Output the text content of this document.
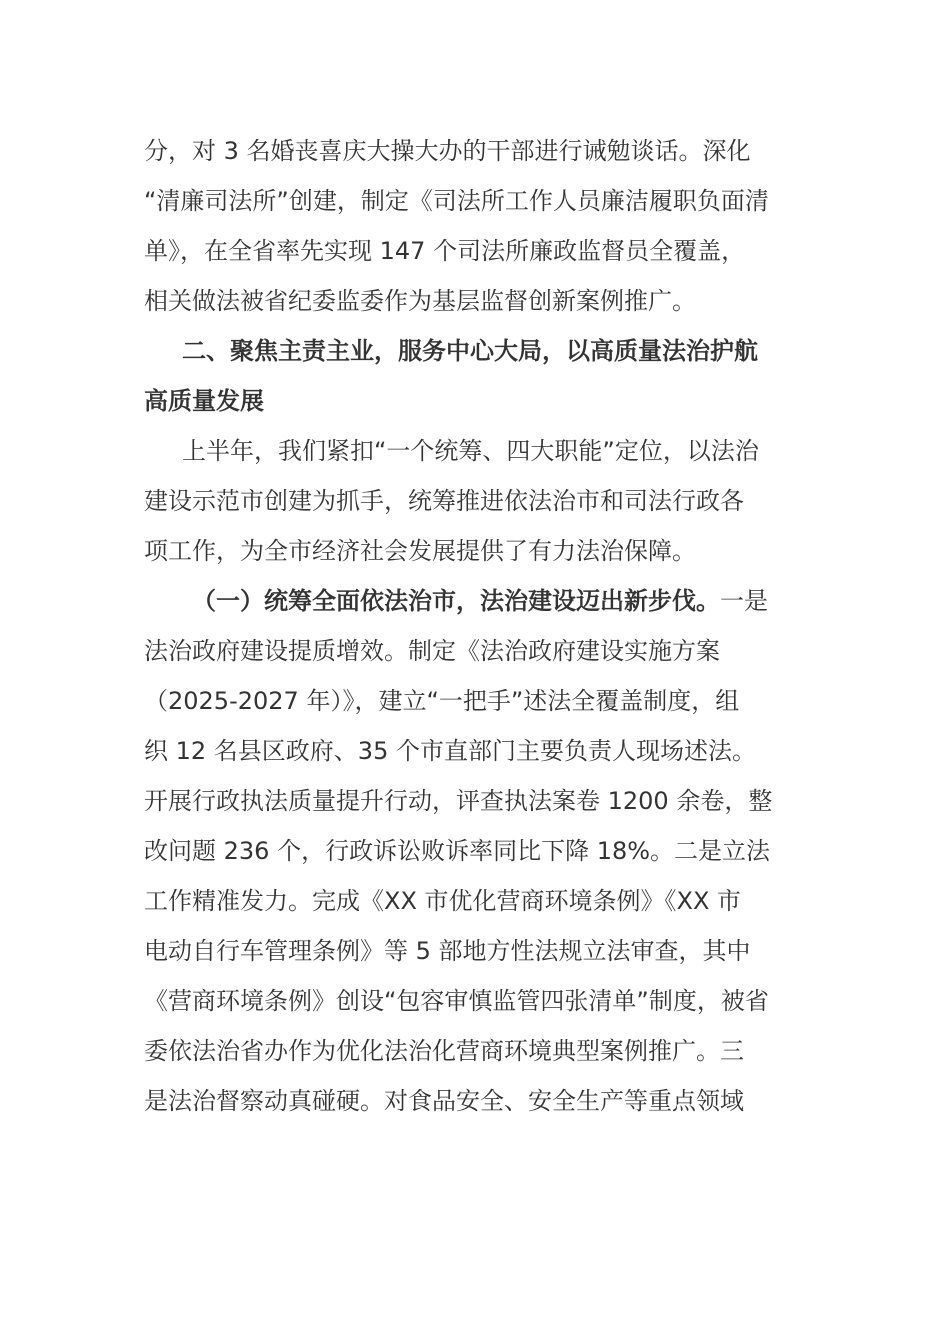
分，对 3 名婚丧喜庆大操大办的干部进行诫勉谈话。深化
“清廉司法所”创建，制定《司法所工作人员廉洁履职负面清
单》，在全省率先实现 147 个司法所廉政监督员全覆盖，
相关做法被省纪委监委作为基层监督创新案例推广。
二、聚焦主责主业，服务中心大局，以高质量法治护航
高质量发展
上半年，我们紧扣“一个统筹、四大职能”定位，以法治
建设示范市创建为抓手，统筹推进依法治市和司法行政各
项工作，为全市经济社会发展提供了有力法治保障。
（一）统筹全面依法治市，法治建设迈出新步伐。一是
法治政府建设提质增效。制定《法治政府建设实施方案
（2025-2027 年）》，建立“一把手”述法全覆盖制度，组
织 12 名县区政府、35 个市直部门主要负责人现场述法。
开展行政执法质量提升行动，评查执法案卷 1200 余卷，整
改问题 236 个，行政诉讼败诉率同比下降 18%。二是立法
工作精准发力。完成《XX 市优化营商环境条例》《XX 市
电动自行车管理条例》等 5 部地方性法规立法审查，其中
《营商环境条例》创设“包容审慎监管四张清单”制度，被省
委依法治省办作为优化法治化营商环境典型案例推广。三
是法治督察动真碰硬。对食品安全、安全生产等重点领域
